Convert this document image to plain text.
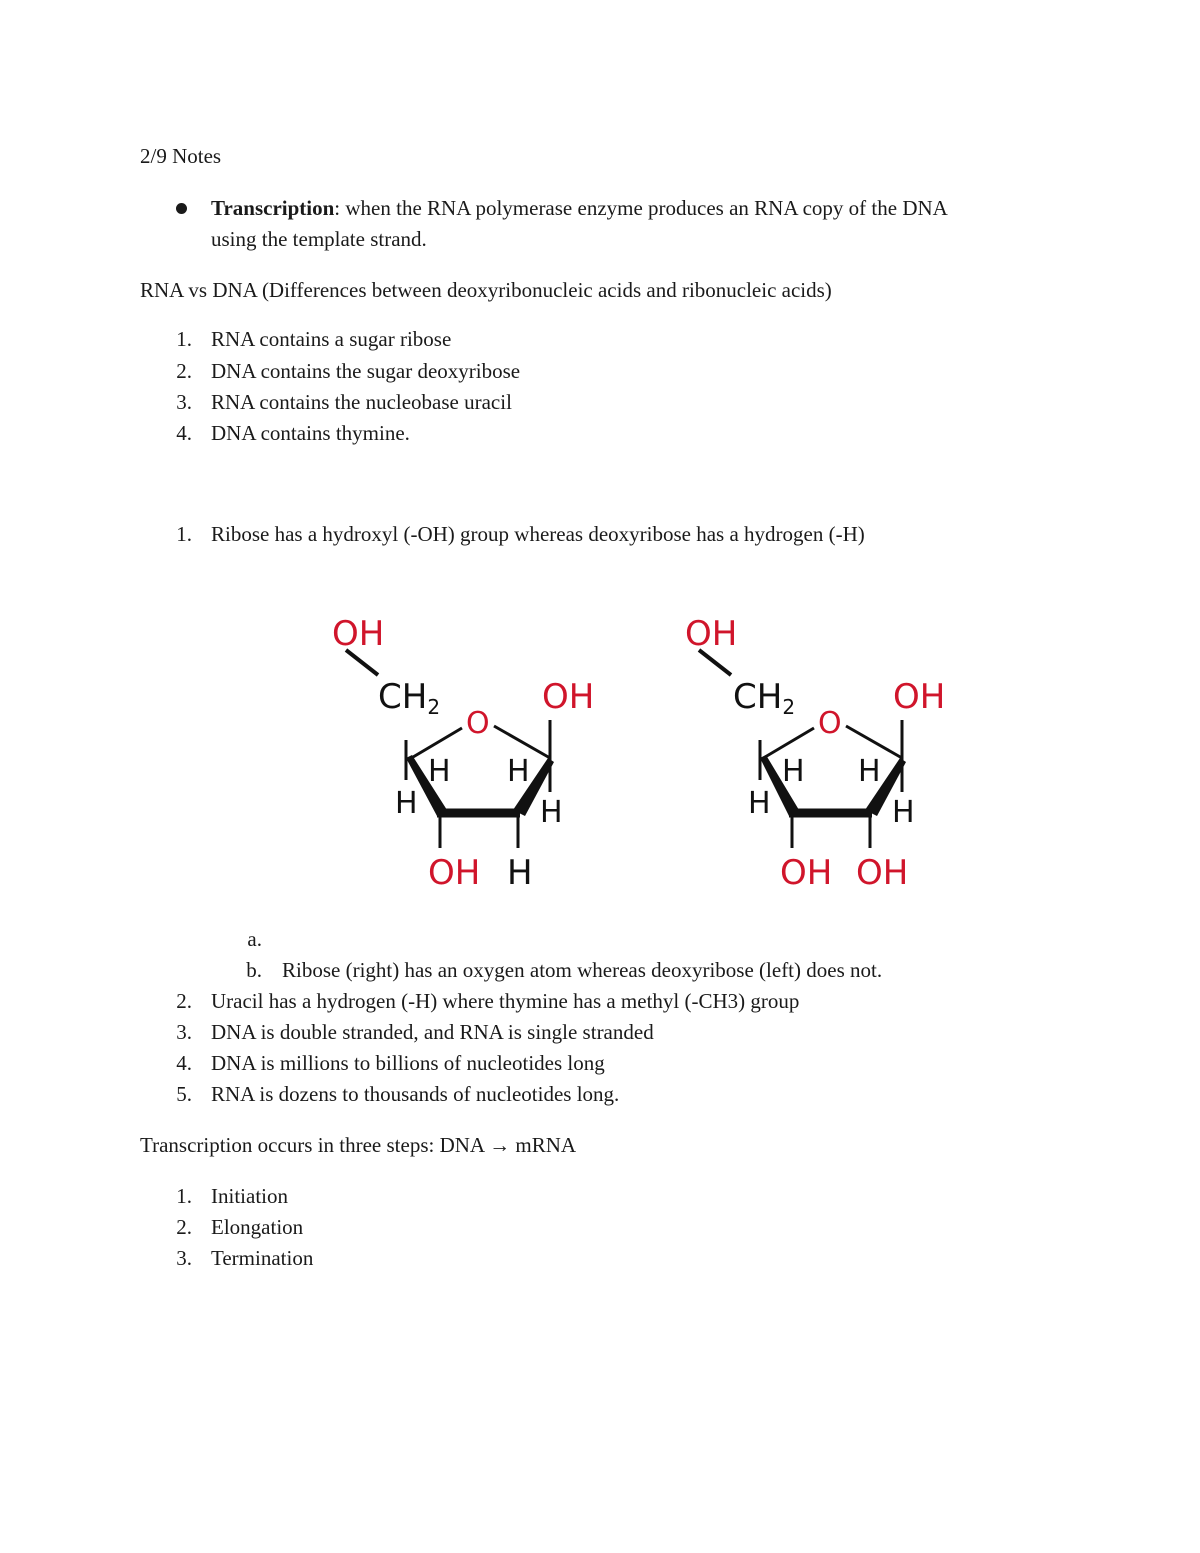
2/9 Notes
Transcription: when the RNA polymerase enzyme produces an RNA copy of the DNA
using the template strand.
RNA vs DNA (Differences between deoxyribonucleic acids and ribonucleic acids)
1. RNA contains a sugar ribose
2. DNA contains the sugar deoxyribose
3. RNA contains the nucleobase uracil
4. DNA contains thymine.
1. Ribose has a hydroxyl (-OH) group whereas deoxyribose has a hydrogen (-H)
OH
CH2	OH
O
H H
H	H
OH H
OH
CH2	OH
O
H H
H	H
OH OH
a.
b. Ribose (right) has an oxygen atom whereas deoxyribose (left) does not.
2. Uracil has a hydrogen (-H) where thymine has a methyl (-CH3) group
3. DNA is double stranded, and RNA is single stranded
4. DNA is millions to billions of nucleotides long
5. RNA is dozens to thousands of nucleotides long.
Transcription occurs in three steps: DNA → mRNA
1. Initiation
2. Elongation
3. Termination
